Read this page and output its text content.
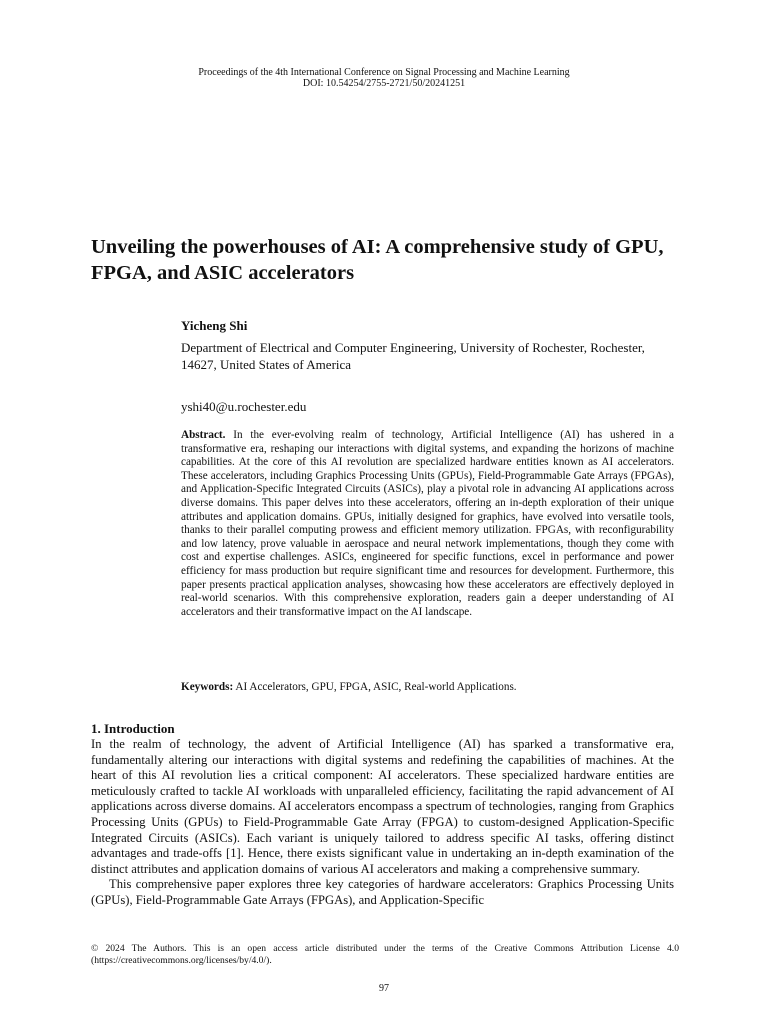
Proceedings of the 4th International Conference on Signal Processing and Machine Learning
DOI: 10.54254/2755-2721/50/20241251
Unveiling the powerhouses of AI: A comprehensive study of GPU, FPGA, and ASIC accelerators
Yicheng Shi
Department of Electrical and Computer Engineering, University of Rochester, Rochester, 14627, United States of America
yshi40@u.rochester.edu

Abstract. In the ever-evolving realm of technology, Artificial Intelligence (AI) has ushered in a transformative era, reshaping our interactions with digital systems, and expanding the horizons of machine capabilities. At the core of this AI revolution are specialized hardware entities known as AI accelerators. These accelerators, including Graphics Processing Units (GPUs), Field-Programmable Gate Arrays (FPGAs), and Application-Specific Integrated Circuits (ASICs), play a pivotal role in advancing AI applications across diverse domains. This paper delves into these accelerators, offering an in-depth exploration of their unique attributes and application domains. GPUs, initially designed for graphics, have evolved into versatile tools, thanks to their parallel computing prowess and efficient memory utilization. FPGAs, with reconfigurability and low latency, prove valuable in aerospace and neural network implementations, though they come with cost and expertise challenges. ASICs, engineered for specific functions, excel in performance and power efficiency for mass production but require significant time and resources for development. Furthermore, this paper presents practical application analyses, showcasing how these accelerators are effectively deployed in real-world scenarios. With this comprehensive exploration, readers gain a deeper understanding of AI accelerators and their transformative impact on the AI landscape.

Keywords: AI Accelerators, GPU, FPGA, ASIC, Real-world Applications.

1. Introduction

In the realm of technology, the advent of Artificial Intelligence (AI) has sparked a transformative era, fundamentally altering our interactions with digital systems and redefining the capabilities of machines. At the heart of this AI revolution lies a critical component: AI accelerators. These specialized hardware entities are meticulously crafted to tackle AI workloads with unparalleled efficiency, facilitating the rapid advancement of AI applications across diverse domains. AI accelerators encompass a spectrum of technologies, ranging from Graphics Processing Units (GPUs) to Field-Programmable Gate Array (FPGA) to custom-designed Application-Specific Integrated Circuits (ASICs). Each variant is uniquely tailored to address specific AI tasks, offering distinct advantages and trade-offs [1]. Hence, there exists significant value in undertaking an in-depth examination of the distinct attributes and application domains of various AI accelerators and making a comprehensive summary.

This comprehensive paper explores three key categories of hardware accelerators: Graphics Processing Units (GPUs), Field-Programmable Gate Arrays (FPGAs), and Application-Specific

© 2024 The Authors. This is an open access article distributed under the terms of the Creative Commons Attribution License 4.0 (https://creativecommons.org/licenses/by/4.0/).

97
